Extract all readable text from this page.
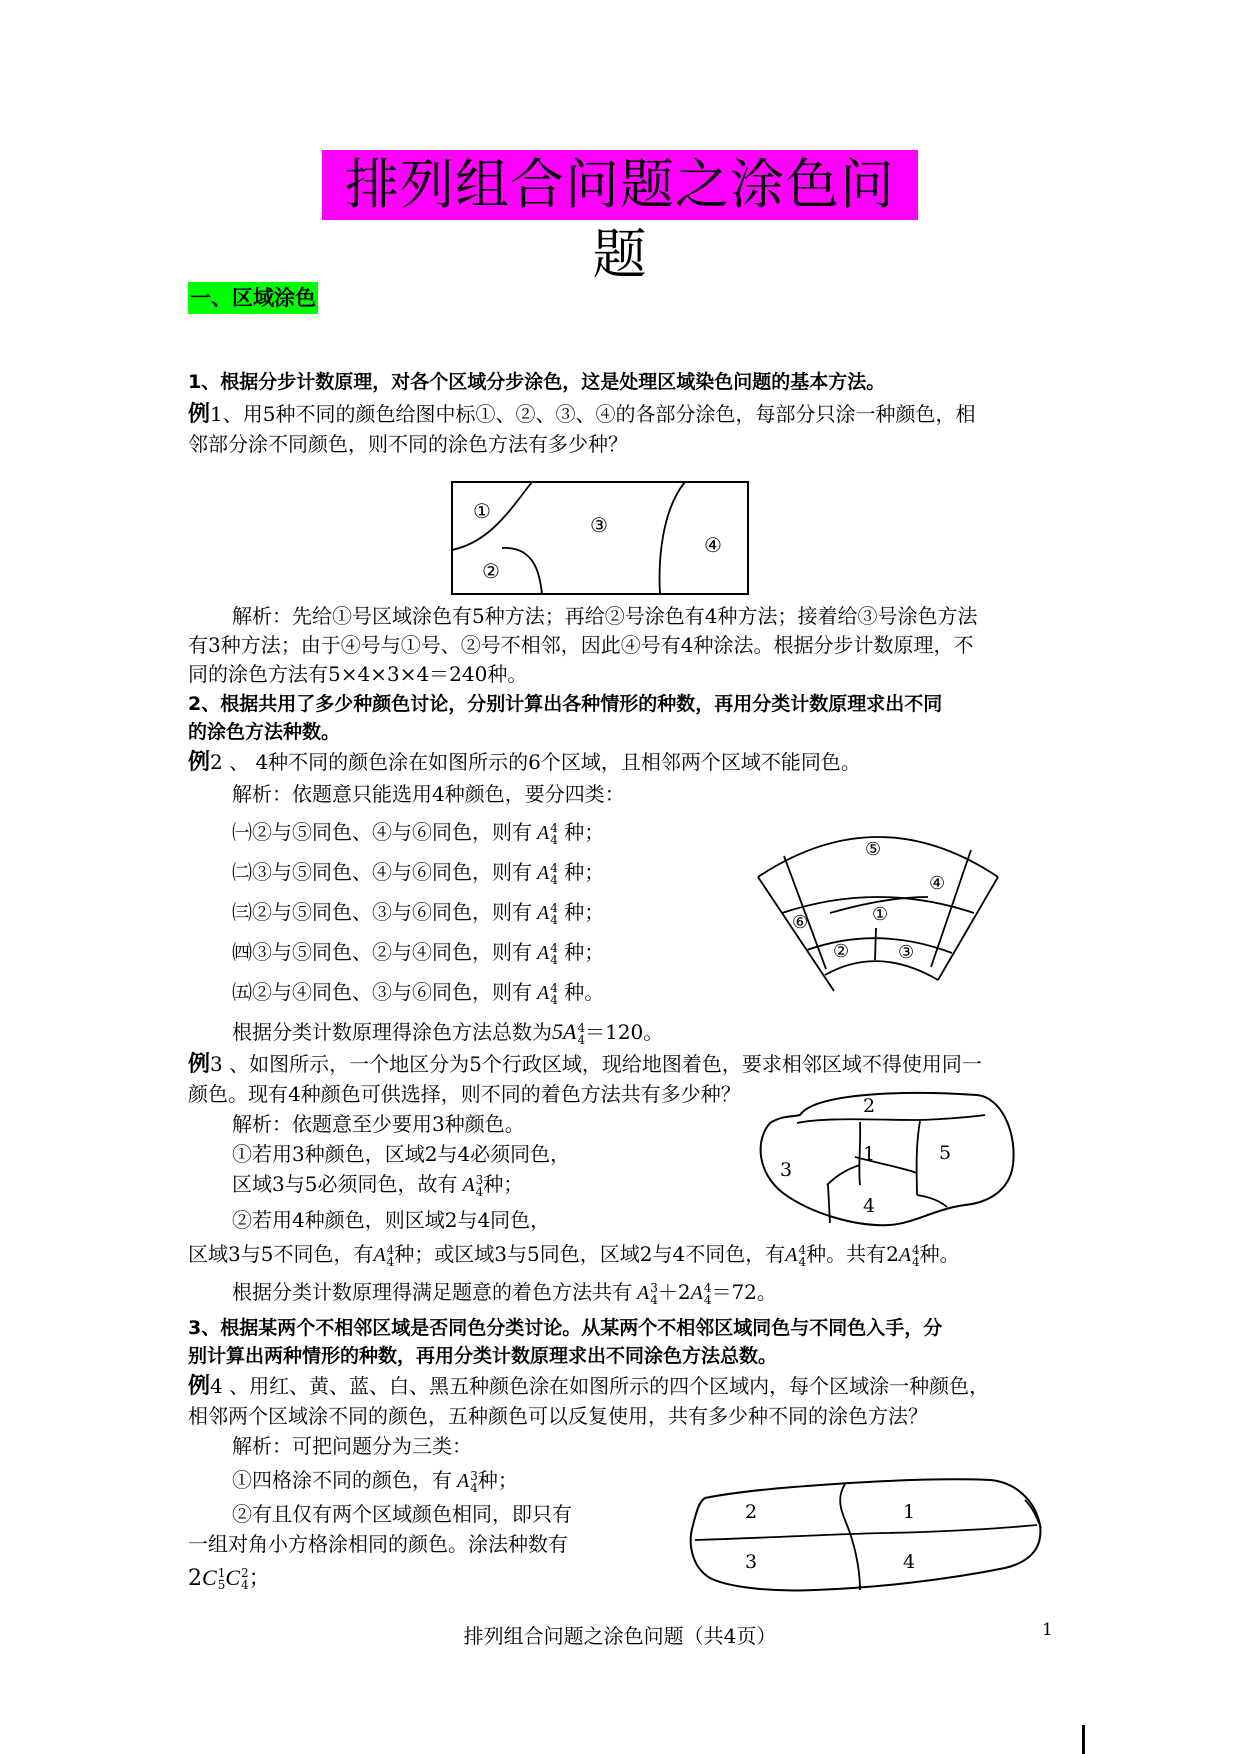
排列组合问题之涂色问题
一、区域涂色
1、根据分步计数原理，对各个区域分步涂色，这是处理区域染色问题的基本方法。
例1、用5种不同的颜色给图中标①、②、③、④的各部分涂色，每部分只涂一种颜色，相
邻部分涂不同颜色，则不同的涂色方法有多少种？
①
②
③
④
解析：先给①号区域涂色有5种方法；再给②号涂色有4种方法；接着给③号涂色方法
有3种方法；由于④号与①号、②号不相邻，因此④号有4种涂法。根据分步计数原理，不
同的涂色方法有5×4×3×4＝240种。
2、根据共用了多少种颜色讨论，分别计算出各种情形的种数，再用分类计数原理求出不同
的涂色方法种数。
例2 、 4种不同的颜色涂在如图所示的6个区域，且相邻两个区域不能同色。
解析：依题意只能选用4种颜色，要分四类：
㈠②与⑤同色、④与⑥同色，则有 A 4
4 种；
㈡③与⑤同色、④与⑥同色，则有 A 4
4 种；
㈢②与⑤同色、③与⑥同色，则有 A 4
4 种；
㈣③与⑤同色、②与④同色，则有 A 4
4 种；
㈤②与④同色、③与⑥同色，则有 A 4
4 种。
根据分类计数原理得涂色方法总数为5A 4
4 ＝120。
⑤
④
①
⑥
②	③
例3 、如图所示，一个地区分为5个行政区域，现给地图着色，要求相邻区域不得使用同一
颜色。现有4种颜色可供选择，则不同的着色方法共有多少种？
解析：依题意至少要用3种颜色。
①若用3种颜色，区域2与4必须同色，
区域3与5必须同色，故有 A 3
4 种；
②若用4种颜色，则区域2与4同色，
区域3与5不同色，有A 4
4 种；或区域3与5同色，区域2与4不同色，有A 4
4 种。共有2A 4
4 种。
根据分类计数原理得满足题意的着色方法共有 A 3
4 ＋2A 4
4 ＝72。
2
1	5
3
4
3、根据某两个不相邻区域是否同色分类讨论。从某两个不相邻区域同色与不同色入手，分
别计算出两种情形的种数，再用分类计数原理求出不同涂色方法总数。
例4 、用红、黄、蓝、白、黑五种颜色涂在如图所示的四个区域内，每个区域涂一种颜色，
相邻两个区域涂不同的颜色，五种颜色可以反复使用，共有多少种不同的涂色方法？
解析：可把问题分为三类：
①四格涂不同的颜色，有 A 3
4 种；
②有且仅有两个区域颜色相同，即只有
一组对角小方格涂相同的颜色。涂法种数有
2C 1
5 C 2
4 ；
2	1
3	4
排列组合问题之涂色问题（共4页）	1
